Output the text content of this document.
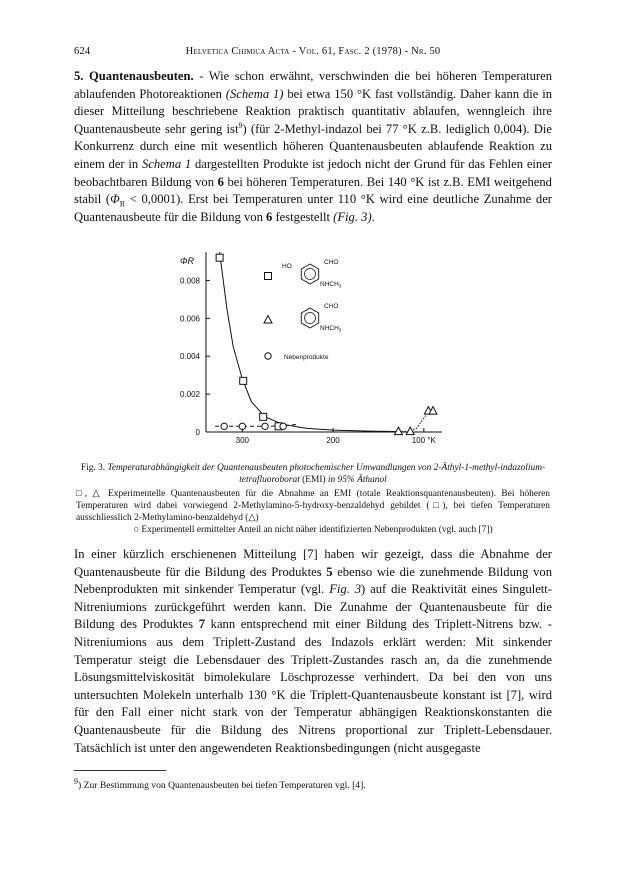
624	Helvetica Chimica Acta - Vol. 61, Fasc. 2 (1978) - Nr. 50

5. Quantenausbeuten. - Wie schon erwähnt, verschwinden die bei höheren Temperaturen ablaufenden Photoreaktionen (Schema 1) bei etwa 150 °K fast vollständig. Daher kann die in dieser Mitteilung beschriebene Reaktion praktisch quantitativ ablaufen, wenngleich ihre Quantenausbeute sehr gering ist$^9$) (für 2-Methyl-indazol bei 77 °K z.B. lediglich 0,004). Die Konkurrenz durch eine mit wesentlich höheren Quantenausbeuten ablaufende Reaktion zu einem der in Schema 1 dargestellten Produkte ist jedoch nicht der Grund für das Fehlen einer beobachtbaren Bildung von 6 bei höheren Temperaturen. Bei 140 °K ist z.B. EMI weitgehend stabil $(\Phi_R < 0,0001)$. Erst bei Temperaturen unter 110 °K wird eine deutliche Zunahme der Quantenausbeute für die Bildung von 6 festgestellt (Fig. 3).

0
0.002
0.004
0.006
0.008
ΦR
300	200	100 °K
HO
CHO
$NHCH_3$
CHO
$NHCH_3$
Nebenprodukte
Fig. 3. Temperaturabhängigkeit der Quantenausbeuten photochemischer Umwandlungen von 2-Äthyl-1-methyl-indazolium-tetrafluoroborat (EMI) in 95% Äthanol
□, △ Experimentelle Quantenausbeuten für die Abnahme an EMI (totale Reaktionsquantenausbeuten). Bei höheren Temperaturen wird dabei vorwiegend 2-Methylamino-5-hydroxy-benzaldehyd gebildet (□), bei tiefen Temperaturen ausschliesslich 2-Methylamino-benzaldehyd (△)
○ Experimentell ermittelter Anteil an nicht näher identifizierten Nebenprodukten (vgl. auch [7])

In einer kürzlich erschienenen Mitteilung [7] haben wir gezeigt, dass die Abnahme der Quantenausbeute für die Bildung des Produktes 5 ebenso wie die zunehmende Bildung von Nebenprodukten mit sinkender Temperatur (vgl. Fig. 3) auf die Reaktivität eines Singulett-Nitreniumions zurückgeführt werden kann. Die Zunahme der Quantenausbeute für die Bildung des Produktes 7 kann entsprechend mit einer Bildung des Triplett-Nitrens bzw. -Nitreniumions aus dem Triplett-Zustand des Indazols erklärt werden: Mit sinkender Temperatur steigt die Lebensdauer des Triplett-Zustandes rasch an, da die zunehmende Lösungsmittelviskosität bimolekulare Löschprozesse verhindert. Da bei den von uns untersuchten Molekeln unterhalb 130 °K die Triplett-Quantenausbeute konstant ist [7], wird für den Fall einer nicht stark von der Temperatur abhängigen Reaktionskonstanten die Quantenausbeute für die Bildung des Nitrens proportional zur Triplett-Lebensdauer. Tatsächlich ist unter den angewendeten Reaktionsbedingungen (nicht ausgegaste

$^9$) Zur Bestimmung von Quantenausbeuten bei tiefen Temperaturen vgl. [4].
